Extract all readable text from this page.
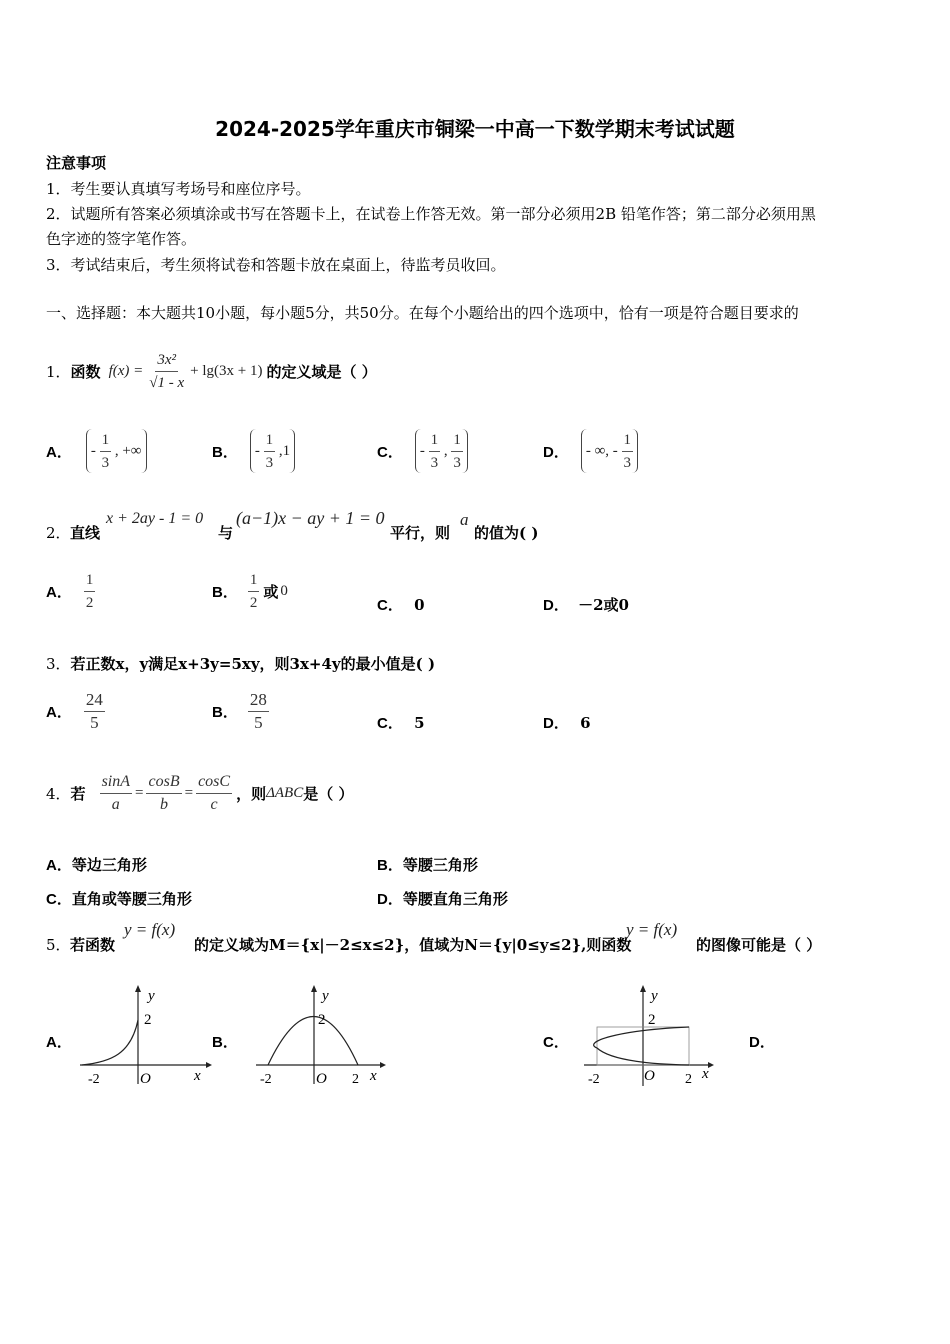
2024-2025学年重庆市铜梁一中高一下数学期末考试试题
注意事项
1．考生要认真填写考场号和座位序号。
2．试题所有答案必须填涂或书写在答题卡上，在试卷上作答无效。第一部分必须用2B 铅笔作答；第二部分必须用黑
色字迹的签字笔作答。
3．考试结束后，考生须将试卷和答题卡放在桌面上，待监考员收回。
一、选择题：本大题共10小题，每小题5分，共50分。在每个小题给出的四个选项中，恰有一项是符合题目要求的
1． 函数 $f(x) = \frac{\text{3x²}}{√1 - x} + \lg(3x + 1)$ 的定义域是（ ）
A．	- $\frac{1}{3}$ , +∞	B．	- $\frac{1}{3} ,1$	C．	- $\frac{1}{3}$ , $\frac{1}{3}$	D．	- ∞, - $\frac{1}{3}$
2． 直线
x + 2ay - 1 = 0
与
(a−1)x − ay + 1 = 0
平行，则
a
的值为( )
A． $\frac{1}{2}$	B． $\frac{1}{2}$ 或 0
C． 0	D． －2或0
3．若正数x，y满足x+3y=5xy，则3x+4y的最小值是( )
A． $\frac{24}{5}$	B． $\frac{28}{5}$	C． 5	D． 6
4． 若 $\frac{\sin A}{a} = \frac{\cos B}{b} = \frac{\cos C}{c}$ ，则 ΔABC 是（ ）
A．等边三角形	B．等腰三角形
C．直角或等腰三角形	D．等腰直角三角形
5． 若函数
y = f(x)
的定义域为M＝{x|－2≤x≤2}，值域为N＝{y|0≤y≤2},则函数
y = f(x)
的图像可能是（ ）
A．	B．	C．	D．
y
2
-2	O	x
y
2
-2	O 2 x
y
2
-2	O 2 x
